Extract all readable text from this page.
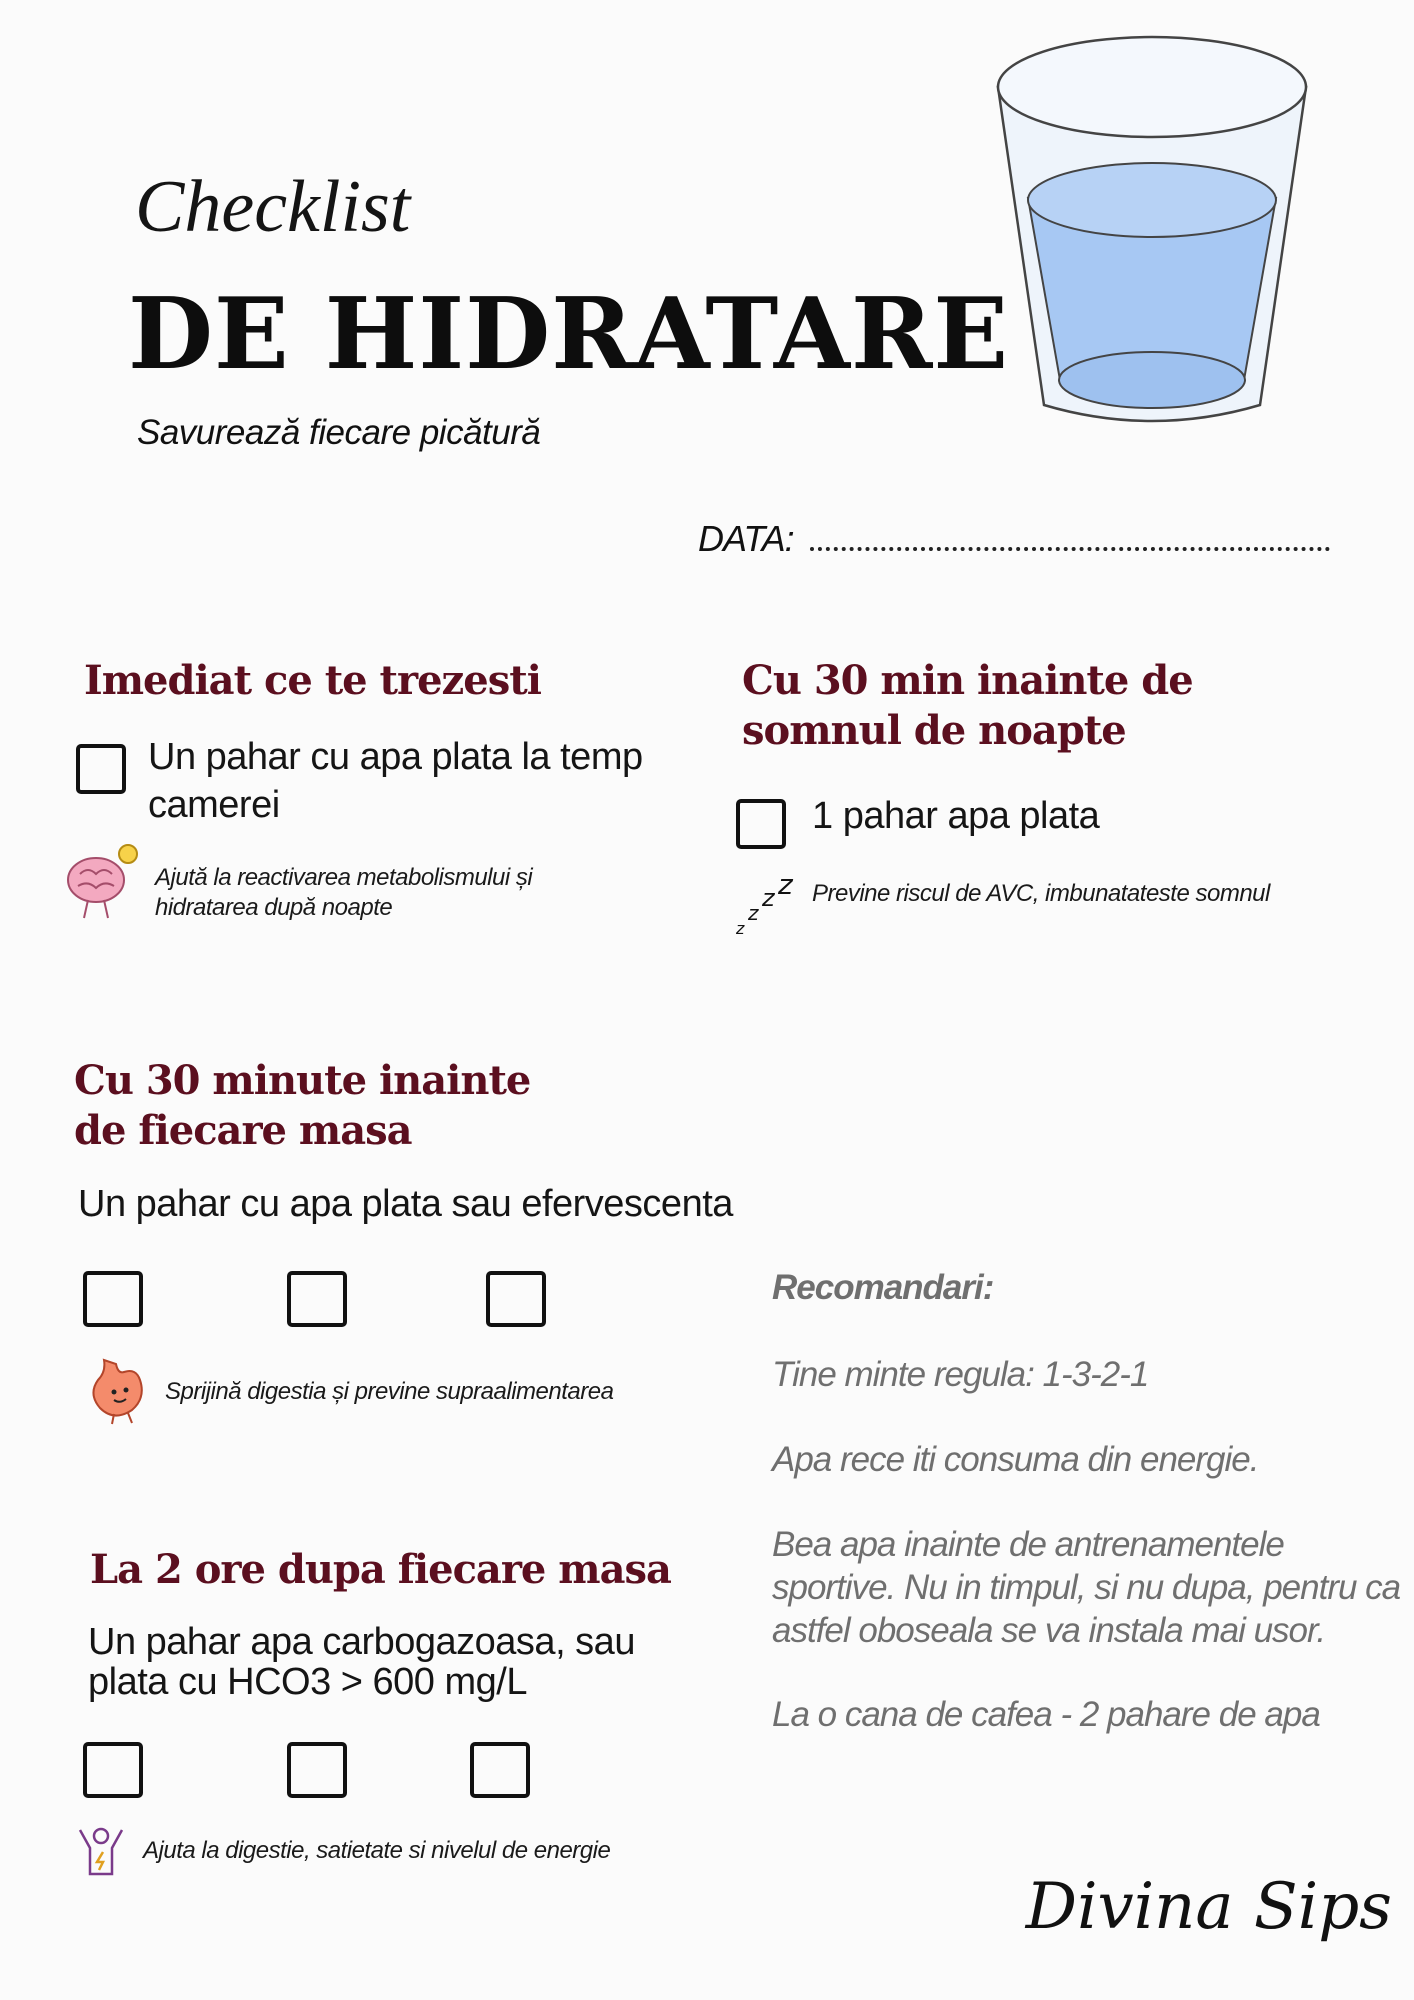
Checklist
DE HIDRATARE
Savurează fiecare picătură
DATA:
Imediat ce te trezesti
Un pahar cu apa plata la temp camerei
Ajută la reactivarea metabolismului și hidratarea după noapte
Cu 30 min inainte de somnul de noapte
1 pahar apa plata
z
z
z z Previne riscul de AVC, imbunatateste somnul
Cu 30 minute inainte de fiecare masa
Un pahar cu apa plata sau efervescenta
Sprijină digestia și previne supraalimentarea
La 2 ore dupa fiecare masa
Un pahar apa carbogazoasa, sau plata cu HCO3 > 600 mg/L
Ajuta la digestie, satietate si nivelul de energie
Recomandari:
Tine minte regula: 1-3-2-1
Apa rece iti consuma din energie.
Bea apa inainte de antrenamentele sportive. Nu in timpul, si nu dupa, pentru ca astfel oboseala se va instala mai usor.
La o cana de cafea - 2 pahare de apa
Divina Sips
